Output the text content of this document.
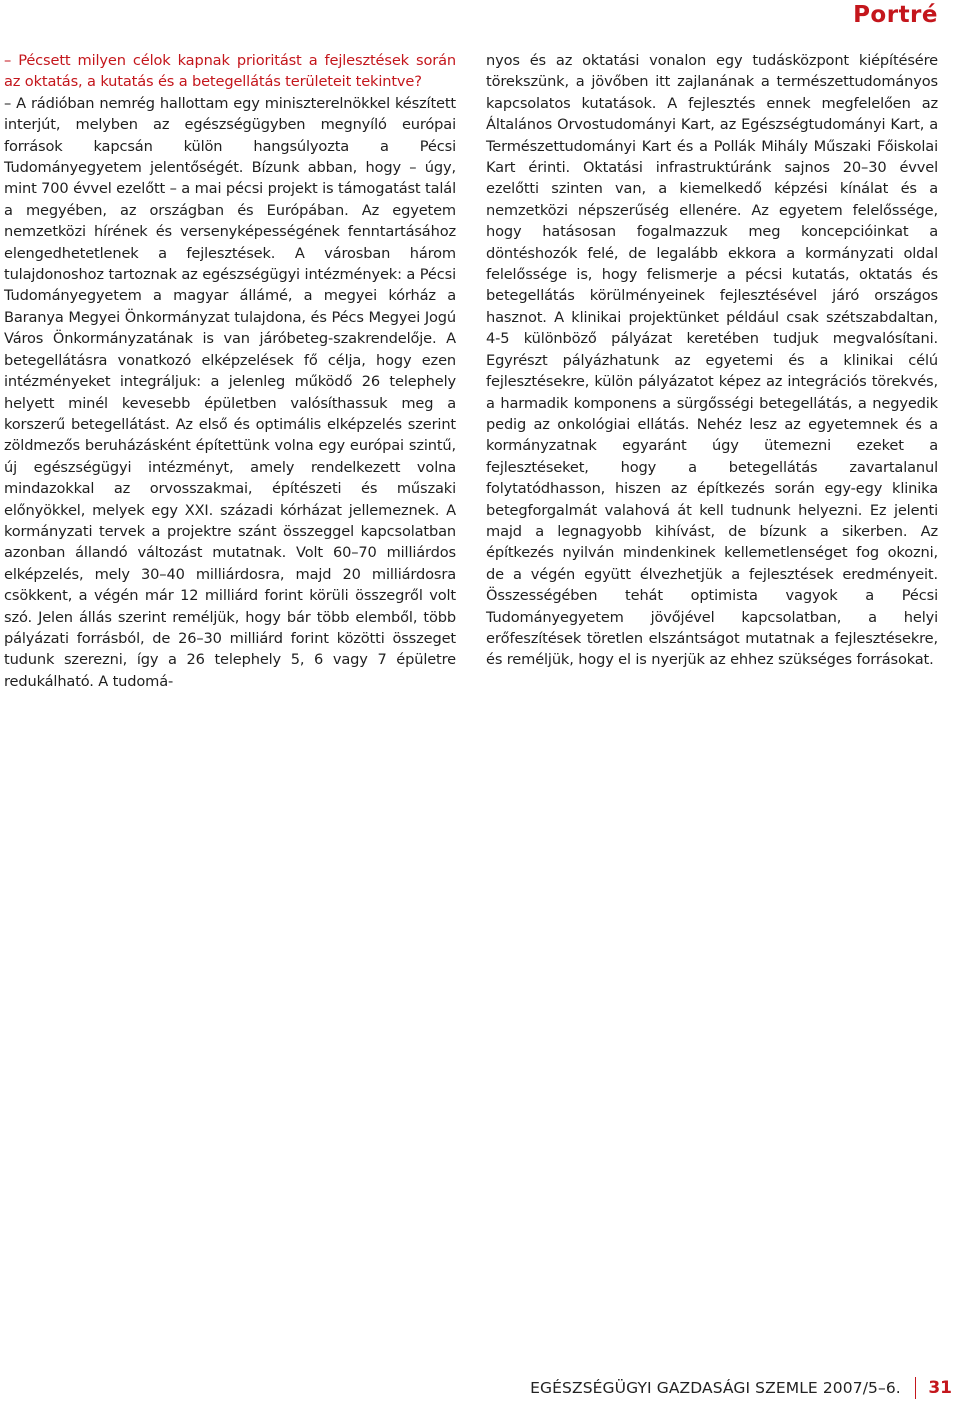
Portré

– Pécsett milyen célok kapnak prioritást a fejlesztések során az oktatás, a kutatás és a betegellátás területeit tekintve?

– A rádióban nemrég hallottam egy miniszterelnökkel készített interjút, melyben az egészségügyben megnyíló európai források kapcsán külön hangsúlyozta a Pécsi Tudományegyetem jelentőségét. Bízunk abban, hogy – úgy, mint 700 évvel ezelőtt – a mai pécsi projekt is támogatást talál a megyében, az országban és Európában. Az egyetem nemzetközi hírének és versenyképességének fenntartásához elengedhetetlenek a fejlesztések. A városban három tulajdonoshoz tartoznak az egészségügyi intézmények: a Pécsi Tudományegyetem a magyar állámé, a megyei kórház a Baranya Megyei Önkormányzat tulajdona, és Pécs Megyei Jogú Város Önkormányzatának is van járóbeteg-szakrendelője. A betegellátásra vonatkozó elképzelések fő célja, hogy ezen intézményeket integráljuk: a jelenleg működő 26 telephely helyett minél kevesebb épületben valósíthassuk meg a korszerű betegellátást. Az első és optimális elképzelés szerint zöldmezős beruházásként építettünk volna egy európai szintű, új egészségügyi intézményt, amely rendelkezett volna mindazokkal az orvosszakmai, építészeti és műszaki előnyökkel, melyek egy XXI. századi kórházat jellemeznek. A kormányzati tervek a projektre szánt összeggel kapcsolatban azonban állandó változást mutatnak. Volt 60–70 milliárdos elképzelés, mely 30–40 milliárdosra, majd 20 milliárdosra csökkent, a végén már 12 milliárd forint körüli összegről volt szó. Jelen állás szerint reméljük, hogy bár több elemből, több pályázati forrásból, de 26–30 milliárd forint közötti összeget tudunk szerezni, így a 26 telephely 5, 6 vagy 7 épületre redukálható. A tudomá-

nyos és az oktatási vonalon egy tudásközpont kiépítésére törekszünk, a jövőben itt zajlanának a természettudományos kapcsolatos kutatások. A fejlesztés ennek megfelelően az Általános Orvostudományi Kart, az Egészségtudományi Kart, a Természettudományi Kart és a Pollák Mihály Műszaki Főiskolai Kart érinti. Oktatási infrastruktúránk sajnos 20–30 évvel ezelőtti szinten van, a kiemelkedő képzési kínálat és a nemzetközi népszerűség ellenére. Az egyetem felelőssége, hogy hatásosan fogalmazzuk meg koncepcióinkat a döntéshozók felé, de legalább ekkora a kormányzati oldal felelőssége is, hogy felismerje a pécsi kutatás, oktatás és betegellátás körülményeinek fejlesztésével járó országos hasznot. A klinikai projektünket például csak szétszabdaltan, 4-5 különböző pályázat keretében tudjuk megvalósítani. Egyrészt pályázhatunk az egyetemi és a klinikai célú fejlesztésekre, külön pályázatot képez az integrációs törekvés, a harmadik komponens a sürgősségi betegellátás, a negyedik pedig az onkológiai ellátás. Nehéz lesz az egyetemnek és a kormányzatnak egyaránt úgy ütemezni ezeket a fejlesztéseket, hogy a betegellátás zavartalanul folytatódhasson, hiszen az építkezés során egy-egy klinika betegforgalmát valahová át kell tudnunk helyezni. Ez jelenti majd a legnagyobb kihívást, de bízunk a sikerben. Az építkezés nyilván mindenkinek kellemetlenséget fog okozni, de a végén együtt élvezhetjük a fejlesztések eredményeit. Összességében tehát optimista vagyok a Pécsi Tudományegyetem jövőjével kapcsolatban, a helyi erőfeszítések töretlen elszántságot mutatnak a fejlesztésekre, és reméljük, hogy el is nyerjük az ehhez szükséges forrásokat.

EGÉSZSÉGÜGYI GAZDASÁGI SZEMLE 2007/5–6. 31
